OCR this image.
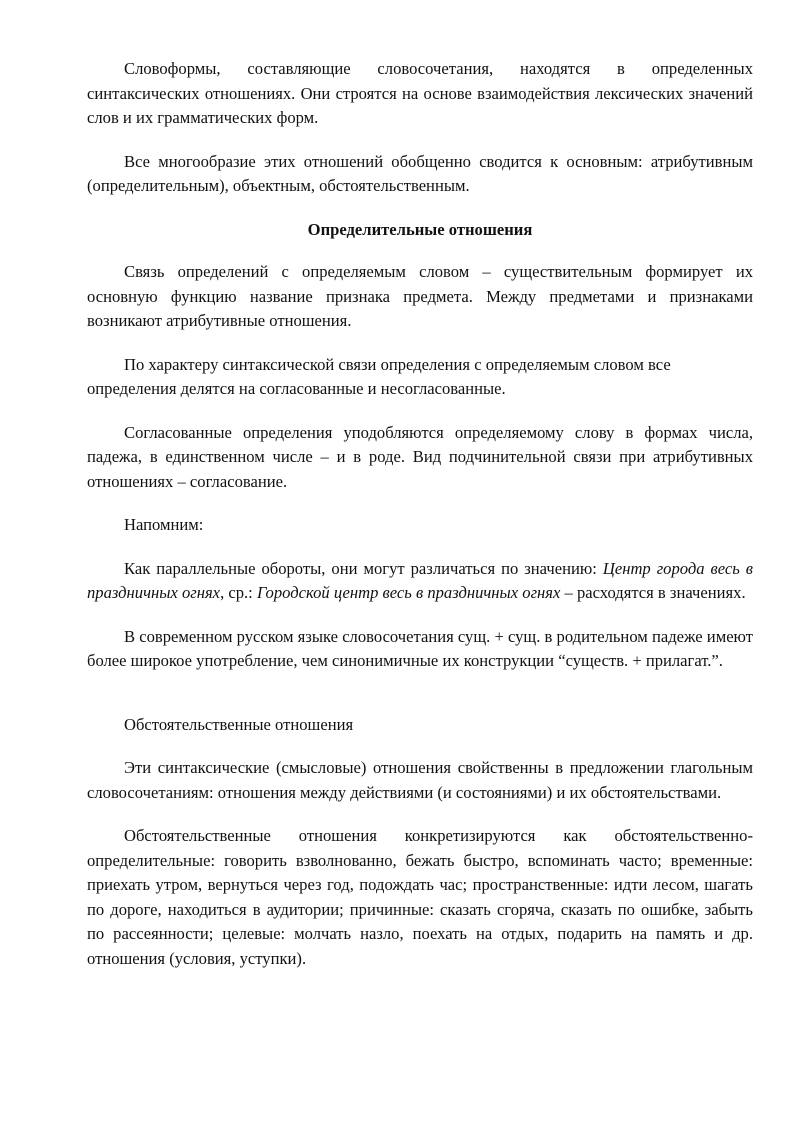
Словоформы, составляющие словосочетания, находятся в определенных синтаксических отношениях. Они строятся на основе взаимодействия лексических значений слов и их грамматических форм.

Все многообразие этих отношений обобщенно сводится к основным: атрибутивным (определительным), объектным, обстоятельственным.

Определительные отношения

Связь определений с определяемым словом – существительным формирует их основную функцию название признака предмета. Между предметами и признаками возникают атрибутивные отношения.

По характеру синтаксической связи определения с определяемым словом все определения делятся на согласованные и несогласованные.

Согласованные определения уподобляются определяемому слову в формах числа, падежа, в единственном числе – и в роде. Вид подчинительной связи при атрибутивных отношениях – согласование.

Напомним:

Как параллельные обороты, они могут различаться по значению: Центр города весь в праздничных огнях, ср.: Городской центр весь в праздничных огнях – расходятся в значениях.

В современном русском языке словосочетания сущ. + сущ. в родительном падеже имеют более широкое употребление, чем синонимичные их конструкции “существ. + прилагат.”.

Обстоятельственные отношения

Эти синтаксические (смысловые) отношения свойственны в предложении глагольным словосочетаниям: отношения между действиями (и состояниями) и их обстоятельствами.

Обстоятельственные отношения конкретизируются как обстоятельственно-определительные: говорить взволнованно, бежать быстро, вспоминать часто; временные: приехать утром, вернуться через год, подождать час; пространственные: идти лесом, шагать по дороге, находиться в аудитории; причинные: сказать сгоряча, сказать по ошибке, забыть по рассеянности; целевые: молчать назло, поехать на отдых, подарить на память и др. отношения (условия, уступки).
